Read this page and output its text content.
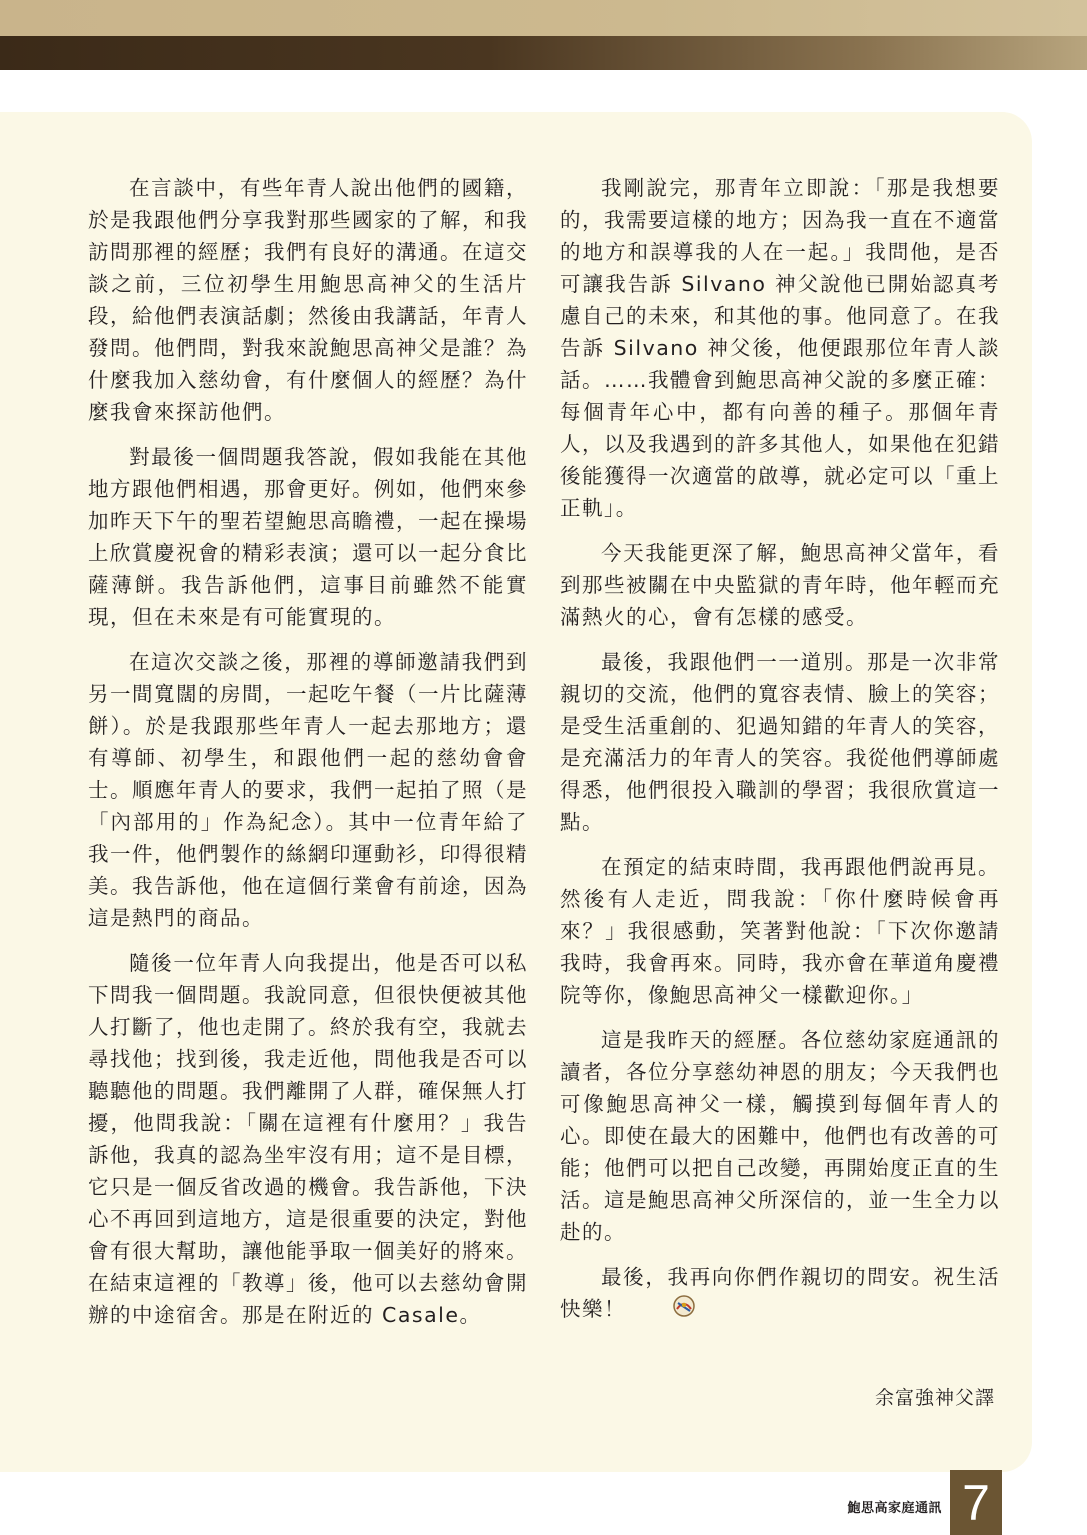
在言談中，有些年青人說出他們的國籍，於是我跟他們分享我對那些國家的了解，和我訪問那裡的經歷；我們有良好的溝通。在這交談之前，三位初學生用鮑思高神父的生活片段，給他們表演話劇；然後由我講話，年青人發問。他們問，對我來說鮑思高神父是誰？為什麼我加入慈幼會，有什麼個人的經歷？為什麼我會來探訪他們。

對最後一個問題我答說，假如我能在其他地方跟他們相遇，那會更好。例如，他們來參加昨天下午的聖若望鮑思高瞻禮，一起在操場上欣賞慶祝會的精彩表演；還可以一起分食比薩薄餅。我告訴他們，這事目前雖然不能實現，但在未來是有可能實現的。

在這次交談之後，那裡的導師邀請我們到另一間寬闊的房間，一起吃午餐（一片比薩薄餅）。於是我跟那些年青人一起去那地方；還有導師、初學生，和跟他們一起的慈幼會會士。順應年青人的要求，我們一起拍了照（是「內部用的」作為紀念）。其中一位青年給了我一件，他們製作的絲網印運動衫，印得很精美。我告訴他，他在這個行業會有前途，因為這是熱門的商品。

隨後一位年青人向我提出，他是否可以私下問我一個問題。我說同意，但很快便被其他人打斷了，他也走開了。終於我有空，我就去尋找他；找到後，我走近他，問他我是否可以聽聽他的問題。我們離開了人群，確保無人打擾，他問我說：「關在這裡有什麼用？」我告訴他，我真的認為坐牢沒有用；這不是目標，它只是一個反省改過的機會。我告訴他，下決心不再回到這地方，這是很重要的決定，對他會有很大幫助，讓他能爭取一個美好的將來。在結束這裡的「教導」後，他可以去慈幼會開辦的中途宿舍。那是在附近的 Casale。

我剛說完，那青年立即說：「那是我想要的，我需要這樣的地方；因為我一直在不適當的地方和誤導我的人在一起。」我問他，是否可讓我告訴 Silvano 神父說他已開始認真考慮自己的未來，和其他的事。他同意了。在我告訴 Silvano 神父後，他便跟那位年青人談話。……我體會到鮑思高神父說的多麼正確：每個青年心中，都有向善的種子。那個年青人，以及我遇到的許多其他人，如果他在犯錯後能獲得一次適當的啟導，就必定可以「重上正軌」。

今天我能更深了解，鮑思高神父當年，看到那些被關在中央監獄的青年時，他年輕而充滿熱火的心，會有怎樣的感受。

最後，我跟他們一一道別。那是一次非常親切的交流，他們的寬容表情、臉上的笑容；是受生活重創的、犯過知錯的年青人的笑容，是充滿活力的年青人的笑容。我從他們導師處得悉，他們很投入職訓的學習；我很欣賞這一點。

在預定的結束時間，我再跟他們說再見。然後有人走近，問我說：「你什麼時候會再來？」我很感動，笑著對他說：「下次你邀請我時，我會再來。同時，我亦會在華道角慶禮院等你，像鮑思高神父一樣歡迎你。」

這是我昨天的經歷。各位慈幼家庭通訊的讀者，各位分享慈幼神恩的朋友；今天我們也可像鮑思高神父一樣，觸摸到每個年青人的心。即使在最大的困難中，他們也有改善的可能；他們可以把自己改變，再開始度正直的生活。這是鮑思高神父所深信的，並一生全力以赴的。

最後，我再向你們作親切的問安。祝生活快樂！

余富強神父譯
鮑思高家庭通訊 7
